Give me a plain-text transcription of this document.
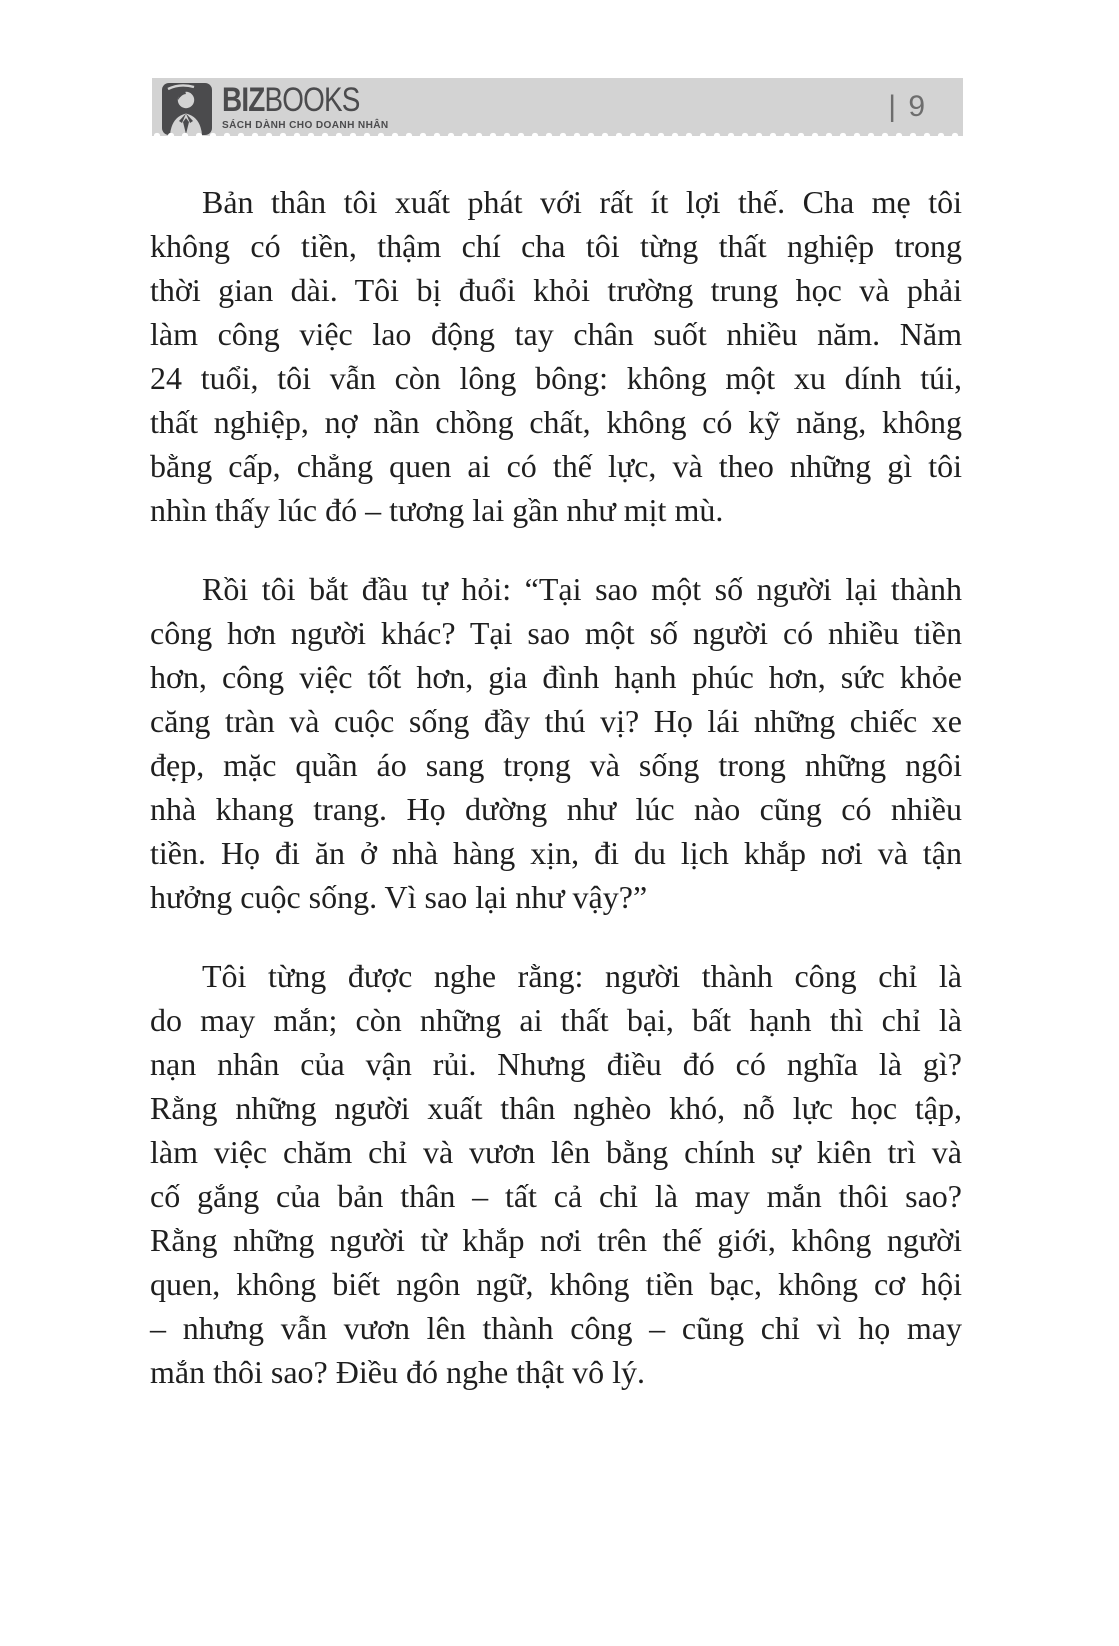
BIZBOOKS
SÁCH DÀNH CHO DOANH NHÂN
| 9

Bản thân tôi xuất phát với rất ít lợi thế. Cha mẹ tôi
không có tiền, thậm chí cha tôi từng thất nghiệp trong
thời gian dài. Tôi bị đuổi khỏi trường trung học và phải
làm công việc lao động tay chân suốt nhiều năm. Năm
24 tuổi, tôi vẫn còn lông bông: không một xu dính túi,
thất nghiệp, nợ nần chồng chất, không có kỹ năng, không
bằng cấp, chẳng quen ai có thế lực, và theo những gì tôi
nhìn thấy lúc đó – tương lai gần như mịt mù.

Rồi tôi bắt đầu tự hỏi: “Tại sao một số người lại thành
công hơn người khác? Tại sao một số người có nhiều tiền
hơn, công việc tốt hơn, gia đình hạnh phúc hơn, sức khỏe
căng tràn và cuộc sống đầy thú vị? Họ lái những chiếc xe
đẹp, mặc quần áo sang trọng và sống trong những ngôi
nhà khang trang. Họ dường như lúc nào cũng có nhiều
tiền. Họ đi ăn ở nhà hàng xịn, đi du lịch khắp nơi và tận
hưởng cuộc sống. Vì sao lại như vậy?”

Tôi từng được nghe rằng: người thành công chỉ là
do may mắn; còn những ai thất bại, bất hạnh thì chỉ là
nạn nhân của vận rủi. Nhưng điều đó có nghĩa là gì?
Rằng những người xuất thân nghèo khó, nỗ lực học tập,
làm việc chăm chỉ và vươn lên bằng chính sự kiên trì và
cố gắng của bản thân – tất cả chỉ là may mắn thôi sao?
Rằng những người từ khắp nơi trên thế giới, không người
quen, không biết ngôn ngữ, không tiền bạc, không cơ hội
– nhưng vẫn vươn lên thành công – cũng chỉ vì họ may
mắn thôi sao? Điều đó nghe thật vô lý.
